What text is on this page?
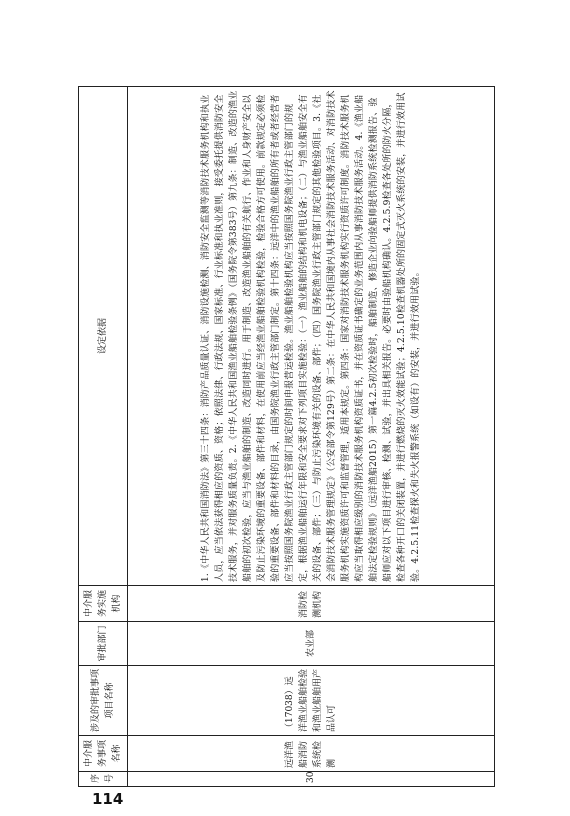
114
序号	中介服务事项名称	涉及的审批事项项目名称	审批部门	中介服务实施机构	设定依据
30	远洋渔船消防系统检测	（17038）远洋渔业船舶检验和渔业船舶用产品认可	农业部	消防检测机构	1.《中华人民共和国消防法》第三十四条：消防产品质量认证、消防设施检测、消防安全监测等消防技术服务机构和执业人员，应当依法获得相应的资质、资格；依照法律、行政法规、国家标准、行业标准和执业准则，接受委托提供消防安全技术服务，并对服务质量负责。2.《中华人民共和国渔业船舶检验条例》（国务院令第383号）第九条：制造、改造的渔业船舶的初次检验，应当与渔业船舶的制造、改造同时进行。用于制造、改造渔业船舶的有关航行、作业和人身财产安全以及防止污染环境的重要设备、部件和材料，在使用前应当经渔业船舶检验机构检验，检验合格方可使用。前款规定必须检验的重要设备、部件和材料的目录，由国务院渔业行政主管部门制定。第十四条：远洋中的渔业船舶的所有者或者经营者应当按照国务院渔业行政主管部门规定的时间申报营运检验。渔业船舶检验机构应当按照国务院渔业行政主管部门的规定，根据渔业船舶运行年限和安全要求对下列项目实施检验：（一）渔业船舶的结构和机电设备；（二）与渔业船舶安全有关的设备、部件；（三）与防止污染环境有关的设备、部件；（四）国务院渔业行政主管部门规定的其他检验项目。3.《社会消防技术服务管理规定》（公安部令第129号）第二条：在中华人民共和国境内从事社会消防技术服务活动、对消防技术服务机构实施资质许可和监督管理，适用本规定。第四条：国家对消防技术服务机构实行资质许可制度。消防技术服务机构应当取得相应级别的消防技术服务机构资质证书，并在资质证书确定的业务范围内从事消防技术服务活动。4.《渔业船舶法定检验规则》（远洋渔船2015）第一篇4.2.5初次检验时，船舶制造、修造企业向验船师提供消防系统检测报告、验船师应对以下项目进行审核、检测、试验，并出具相关报告。必要时由验船机构确认。4.2.5.9检查各处所的防火分隔，检查各种开口的关闭装置，并进行燃烧的灭火效能试验；4.2.5.10检查机器处所的固定式灭火系统的安装，并进行效用试验。4.2.5.11检查探火和失火报警系统（如设有）的安装，并进行效用试验。
